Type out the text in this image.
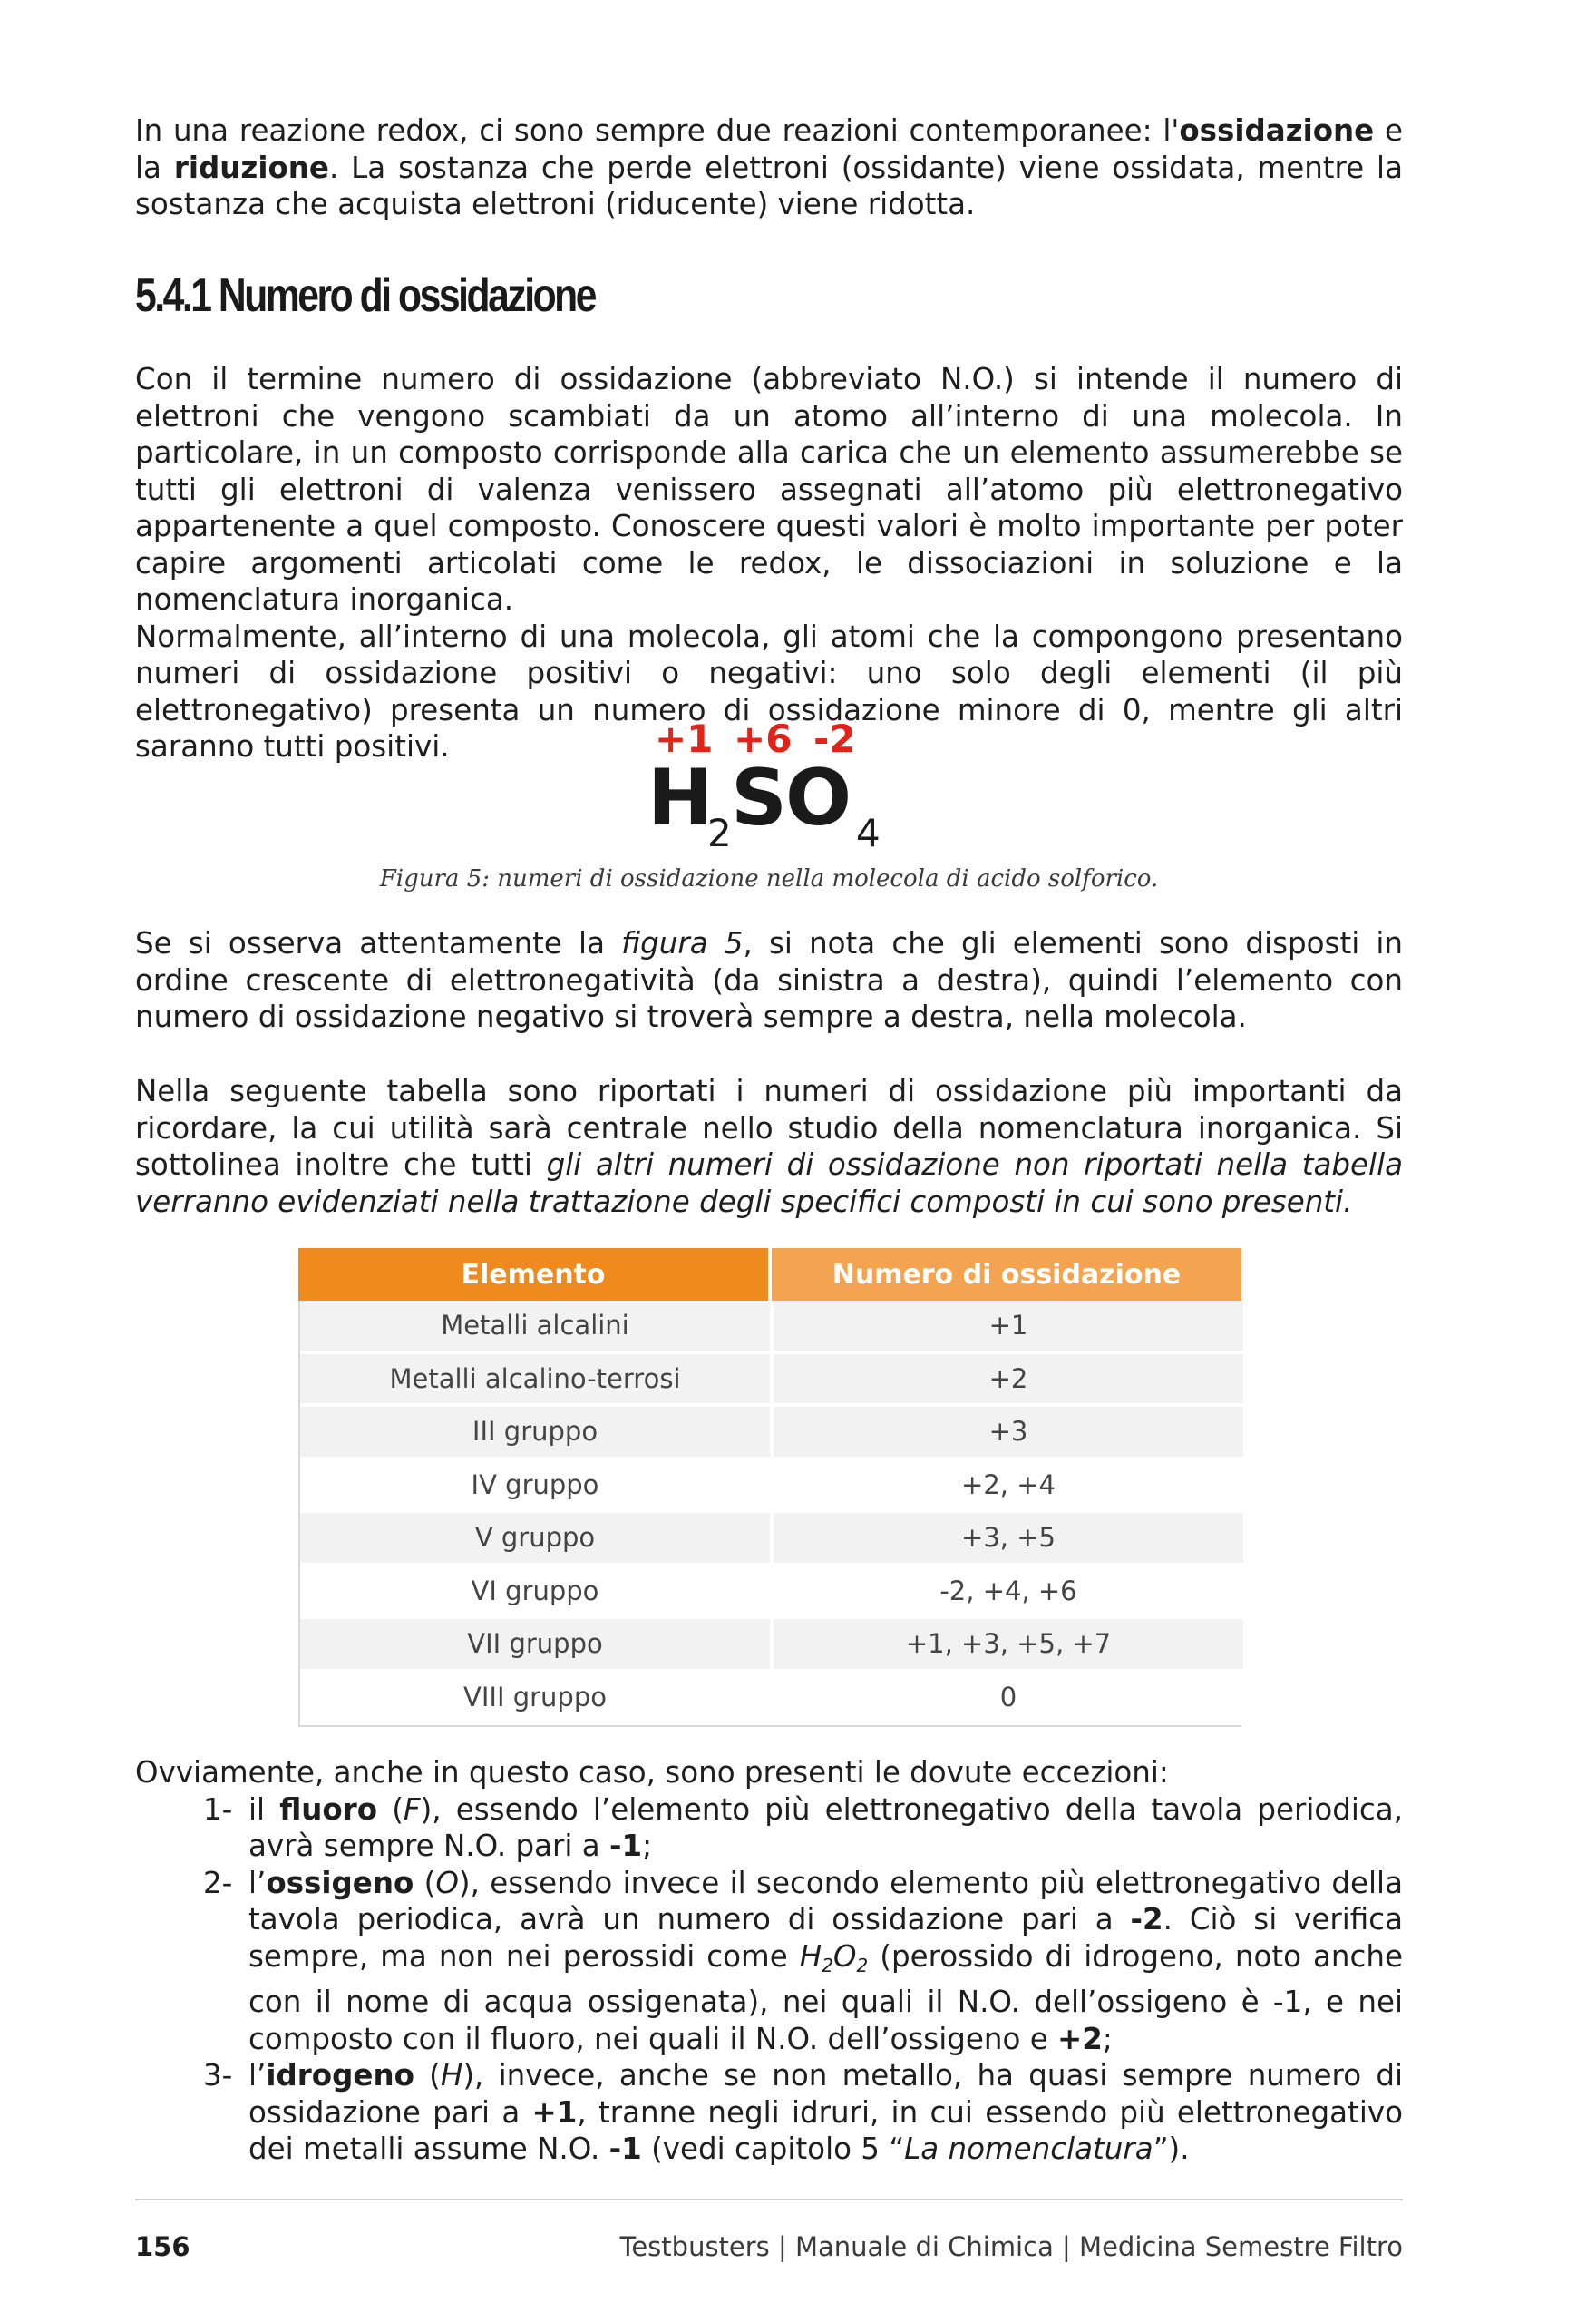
In una reazione redox, ci sono sempre due reazioni contemporanee: l'ossidazione e la riduzione. La sostanza che perde elettroni (ossidante) viene ossidata, mentre la sostanza che acquista elettroni (riducente) viene ridotta.

5.4.1 Numero di ossidazione

Con il termine numero di ossidazione (abbreviato N.O.) si intende il numero di elettroni che vengono scambiati da un atomo all’interno di una molecola. In particolare, in un composto corrisponde alla carica che un elemento assumerebbe se tutti gli elettroni di valenza venissero assegnati all’atomo più elettronegativo appartenente a quel composto. Conoscere questi valori è molto importante per poter capire argomenti articolati come le redox, le dissociazioni in soluzione e la nomenclatura inorganica.

Normalmente, all’interno di una molecola, gli atomi che la compongono presentano numeri di ossidazione positivi o negativi: uno solo degli elementi (il più elettronegativo) presenta un numero di ossidazione minore di 0, mentre gli altri saranno tutti positivi.	+1 +6 -2
H
2 S O 4
Figura 5: numeri di ossidazione nella molecola di acido solforico.

Se si osserva attentamente la figura 5, si nota che gli elementi sono disposti in ordine crescente di elettronegatività (da sinistra a destra), quindi l’elemento con numero di ossidazione negativo si troverà sempre a destra, nella molecola.

Nella seguente tabella sono riportati i numeri di ossidazione più importanti da ricordare, la cui utilità sarà centrale nello studio della nomenclatura inorganica. Si sottolinea inoltre che tutti gli altri numeri di ossidazione non riportati nella tabella verranno evidenziati nella trattazione degli specifici composti in cui sono presenti.

Elemento	Numero di ossidazione
Metalli alcalini	+1
Metalli alcalino-terrosi	+2
III gruppo	+3
IV gruppo	+2, +4
V gruppo	+3, +5
VI gruppo	-2, +4, +6
VII gruppo	+1, +3, +5, +7
VIII gruppo	0

Ovviamente, anche in questo caso, sono presenti le dovute eccezioni:

1- il fluoro (F), essendo l’elemento più elettronegativo della tavola periodica, avrà sempre N.O. pari a -1;
2- l’ossigeno (O), essendo invece il secondo elemento più elettronegativo della tavola periodica, avrà un numero di ossidazione pari a -2. Ciò si verifica sempre, ma non nei perossidi come H2O2 (perossido di idrogeno, noto anche con il nome di acqua ossigenata), nei quali il N.O. dell’ossigeno è -1, e nei composto con il fluoro, nei quali il N.O. dell’ossigeno e +2;
3- l’idrogeno (H), invece, anche se non metallo, ha quasi sempre numero di ossidazione pari a +1, tranne negli idruri, in cui essendo più elettronegativo dei metalli assume N.O. -1 (vedi capitolo 5 “La nomenclatura”).
156	Testbusters | Manuale di Chimica | Medicina Semestre Filtro
